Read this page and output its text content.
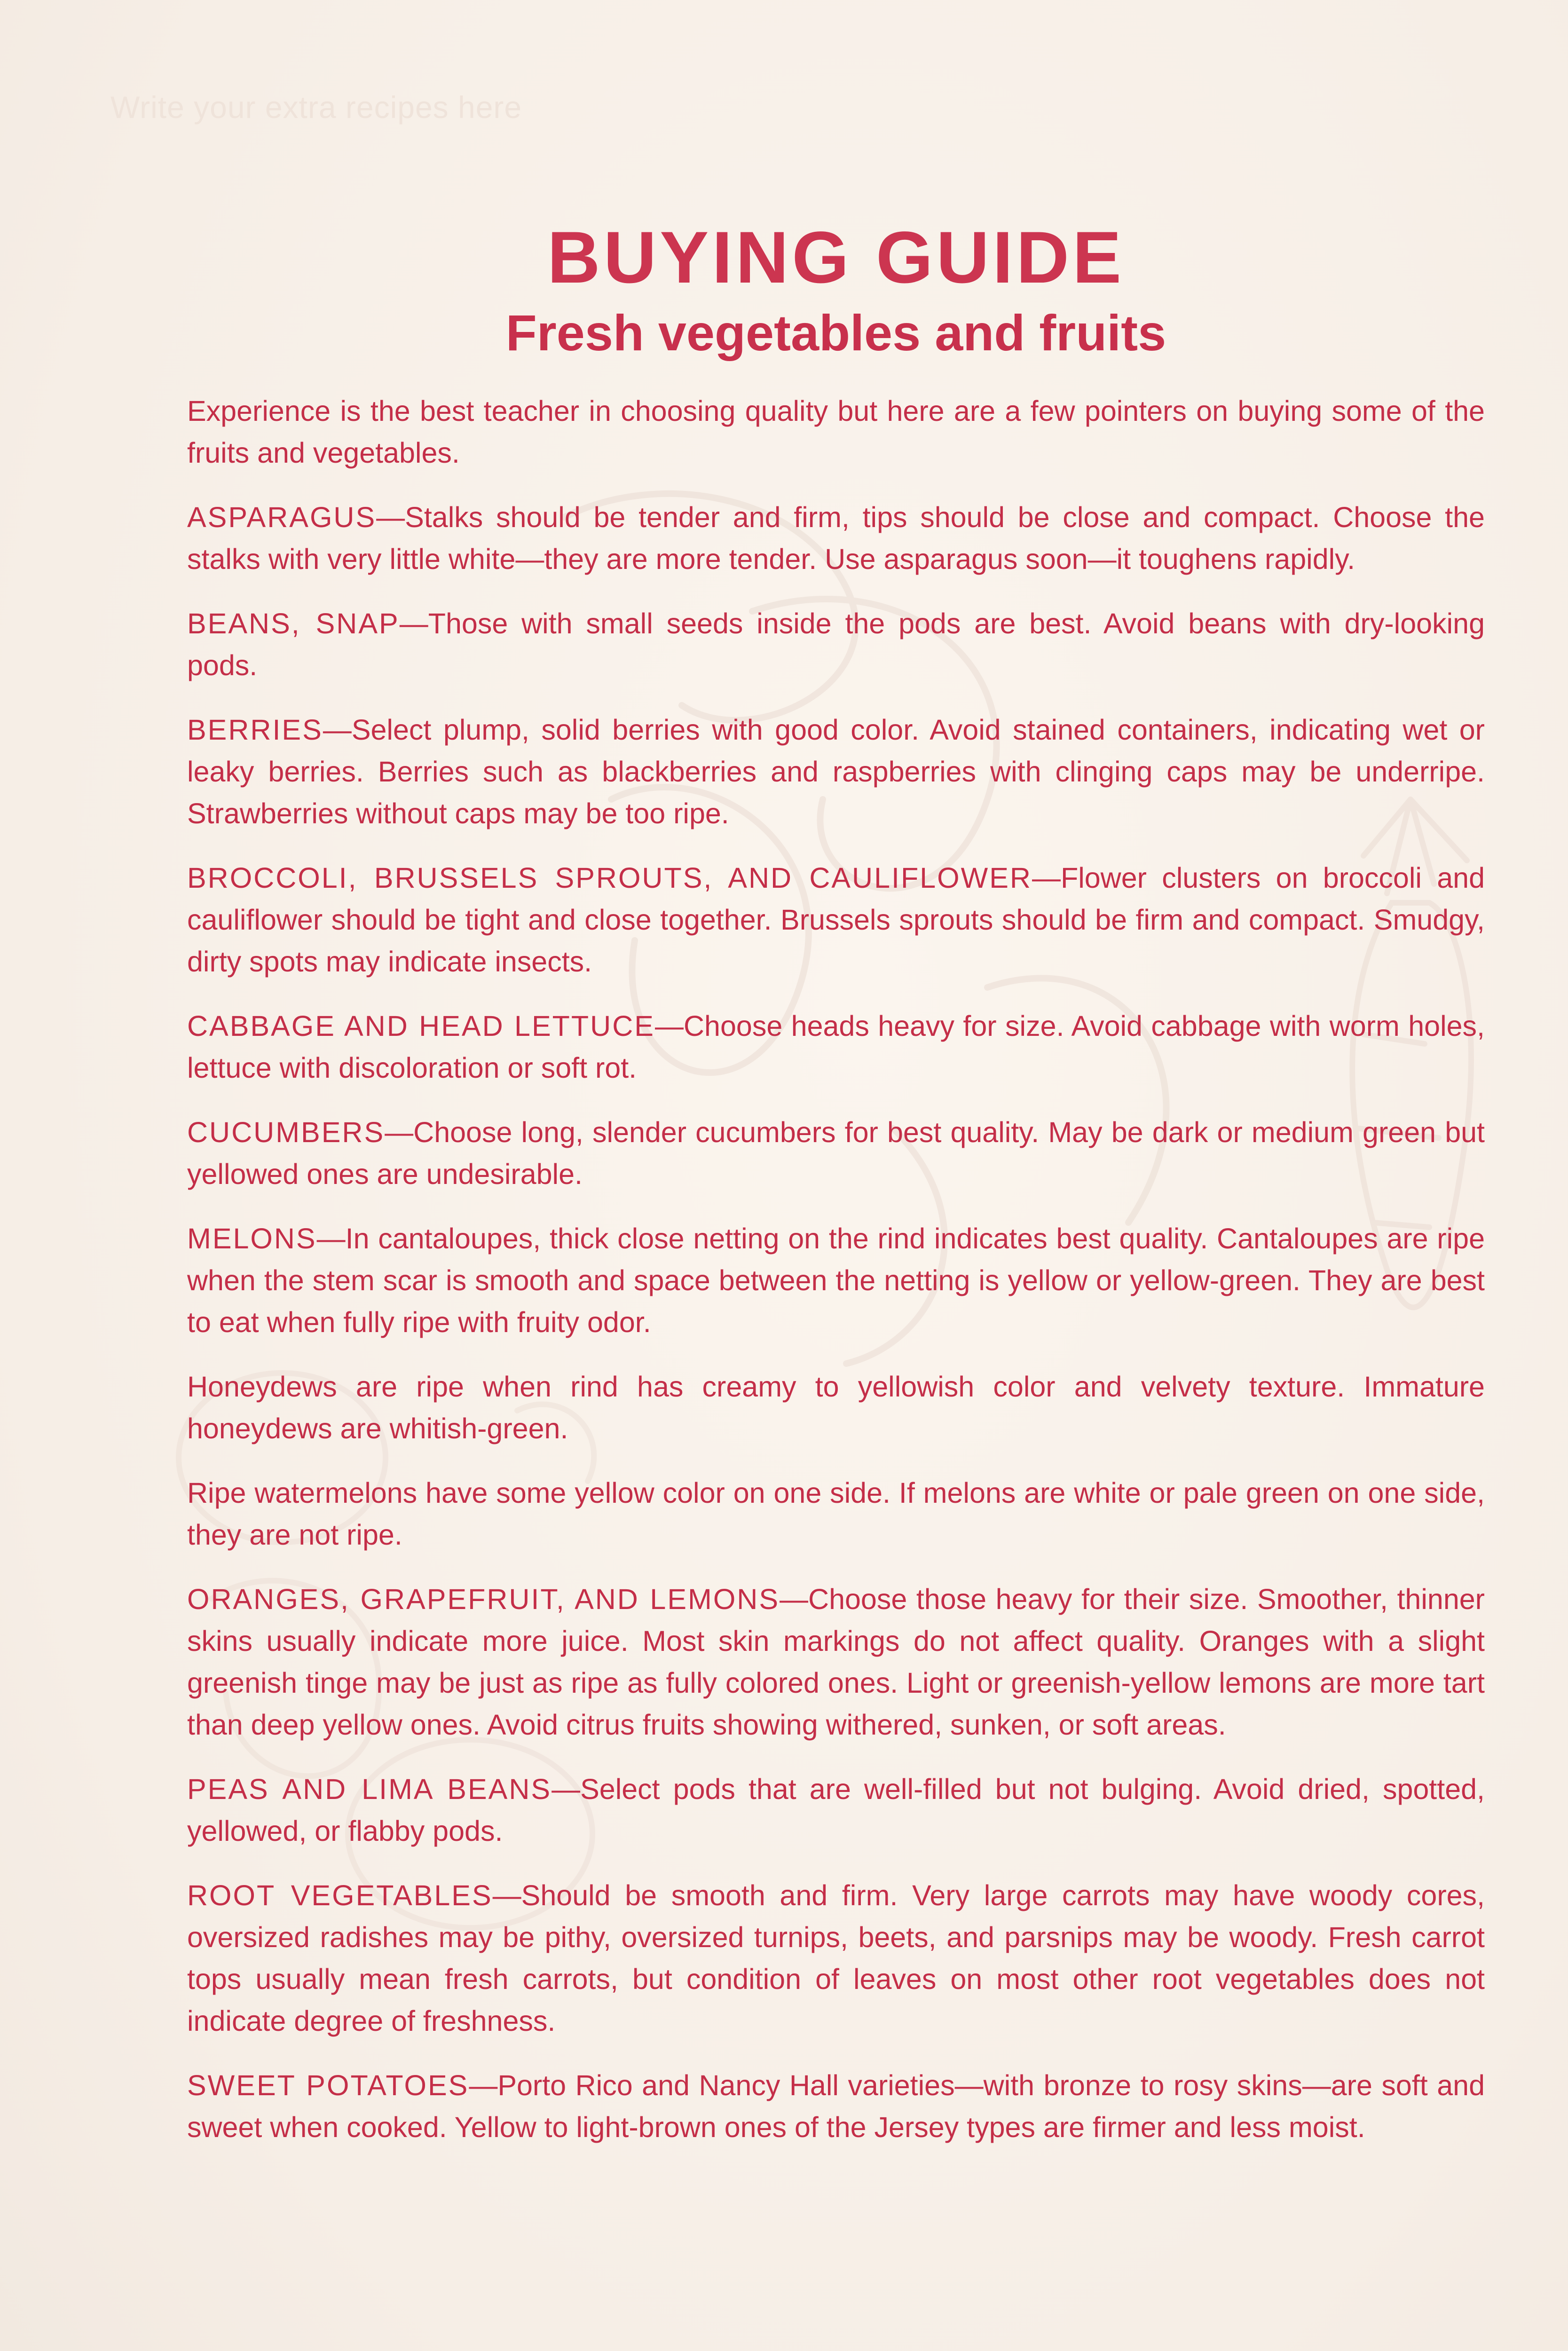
Write your extra recipes here
BUYING GUIDE
Fresh vegetables and fruits

Experience is the best teacher in choosing quality but here are a few pointers on buying some of the fruits and vegetables.

ASPARAGUS—Stalks should be tender and firm, tips should be close and compact. Choose the stalks with very little white—they are more tender. Use asparagus soon—it toughens rapidly.

BEANS, SNAP—Those with small seeds inside the pods are best. Avoid beans with dry-looking pods.

BERRIES—Select plump, solid berries with good color. Avoid stained containers, indicating wet or leaky berries. Berries such as blackberries and raspberries with clinging caps may be underripe. Strawberries without caps may be too ripe.

BROCCOLI, BRUSSELS SPROUTS, AND CAULIFLOWER—Flower clusters on broccoli and cauliflower should be tight and close together. Brussels sprouts should be firm and compact. Smudgy, dirty spots may indicate insects.

CABBAGE AND HEAD LETTUCE—Choose heads heavy for size. Avoid cabbage with worm holes, lettuce with discoloration or soft rot.

CUCUMBERS—Choose long, slender cucumbers for best quality. May be dark or medium green but yellowed ones are undesirable.

MELONS—In cantaloupes, thick close netting on the rind indicates best quality. Cantaloupes are ripe when the stem scar is smooth and space between the netting is yellow or yellow-green. They are best to eat when fully ripe with fruity odor.

Honeydews are ripe when rind has creamy to yellowish color and velvety texture. Immature honeydews are whitish-green.

Ripe watermelons have some yellow color on one side. If melons are white or pale green on one side, they are not ripe.

ORANGES, GRAPEFRUIT, AND LEMONS—Choose those heavy for their size. Smoother, thinner skins usually indicate more juice. Most skin markings do not affect quality. Oranges with a slight greenish tinge may be just as ripe as fully colored ones. Light or greenish-yellow lemons are more tart than deep yellow ones. Avoid citrus fruits showing withered, sunken, or soft areas.

PEAS AND LIMA BEANS—Select pods that are well-filled but not bulging. Avoid dried, spotted, yellowed, or flabby pods.

ROOT VEGETABLES—Should be smooth and firm. Very large carrots may have woody cores, oversized radishes may be pithy, oversized turnips, beets, and parsnips may be woody. Fresh carrot tops usually mean fresh carrots, but condition of leaves on most other root vegetables does not indicate degree of freshness.

SWEET POTATOES—Porto Rico and Nancy Hall varieties—with bronze to rosy skins—are soft and sweet when cooked. Yellow to light-brown ones of the Jersey types are firmer and less moist.
